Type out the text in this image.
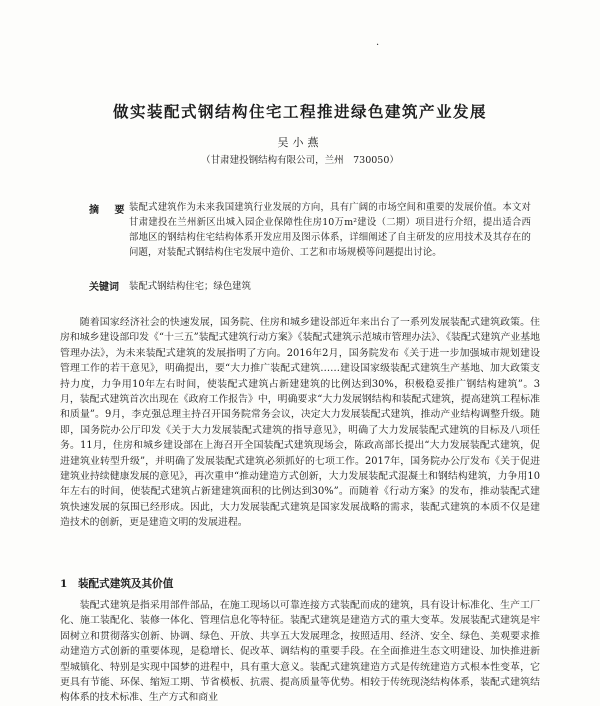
·
做实装配式钢结构住宅工程推进绿色建筑产业发展
吴小燕
（甘肃建投钢结构有限公司，兰州　730050）
摘 要
装配式建筑作为未来我国建筑行业发展的方向，具有广阔的市场空间和重要的发展价值。本文对甘肃建投在兰州新区出城入园企业保障性住房10万m²建设（二期）项目进行介绍，提出适合西部地区的钢结构住宅结构体系开发应用及图示体系，详细阐述了自主研发的应用技术及其存在的问题，对装配式钢结构住宅发展中造价、工艺和市场规模等问题提出讨论。
关键词 装配式钢结构住宅；绿色建筑
随着国家经济社会的快速发展，国务院、住房和城乡建设部近年来出台了一系列发展装配式建筑政策。住房和城乡建设部印发《“十三五”装配式建筑行动方案》《装配式建筑示范城市管理办法》、《装配式建筑产业基地管理办法》，为未来装配式建筑的发展指明了方向。2016年2月，国务院发布《关于进一步加强城市规划建设管理工作的若干意见》，明确提出，要“大力推广装配式建筑……建设国家级装配式建筑生产基地、加大政策支持力度，力争用10年左右时间，使装配式建筑占新建建筑的比例达到30%，积极稳妥推广钢结构建筑”。3月，装配式建筑首次出现在《政府工作报告》中，明确要求“大力发展钢结构和装配式建筑，提高建筑工程标准和质量”。9月，李克强总理主持召开国务院常务会议，决定大力发展装配式建筑，推动产业结构调整升级。随即，国务院办公厅印发《关于大力发展装配式建筑的指导意见》，明确了大力发展装配式建筑的目标及八项任务。11月，住房和城乡建设部在上海召开全国装配式建筑现场会，陈政高部长提出“大力发展装配式建筑，促进建筑业转型升级”，并明确了发展装配式建筑必须抓好的七项工作。2017年，国务院办公厅发布《关于促进建筑业持续健康发展的意见》，再次重申“推动建造方式创新，大力发展装配式混凝土和钢结构建筑，力争用10年左右的时间，使装配式建筑占新建建筑面积的比例达到30%”。而随着《行动方案》的发布，推动装配式建筑快速发展的氛围已经形成。因此，大力发展装配式建筑是国家发展战略的需求，装配式建筑的本质不仅是建造技术的创新，更是建造文明的发展进程。
1　装配式建筑及其价值
装配式建筑是指采用部件部品，在施工现场以可靠连接方式装配而成的建筑，具有设计标准化、生产工厂化、施工装配化、装修一体化、管理信息化等特征。装配式建筑是建造方式的重大变革。发展装配式建筑是牢固树立和贯彻落实创新、协调、绿色、开放、共享五大发展理念，按照适用、经济、安全、绿色、美观要求推动建造方式创新的重要体现，是稳增长、促改革、调结构的重要手段。在全面推进生态文明建设、加快推进新型城镇化、特别是实现中国梦的进程中，具有重大意义。装配式建筑建造方式是传统建造方式根本性变革，它更具有节能、环保、缩短工期、节省模板、抗震、提高质量等优势。相较于传统现浇结构体系，装配式建筑结构体系的技术标准、生产方式和商业
